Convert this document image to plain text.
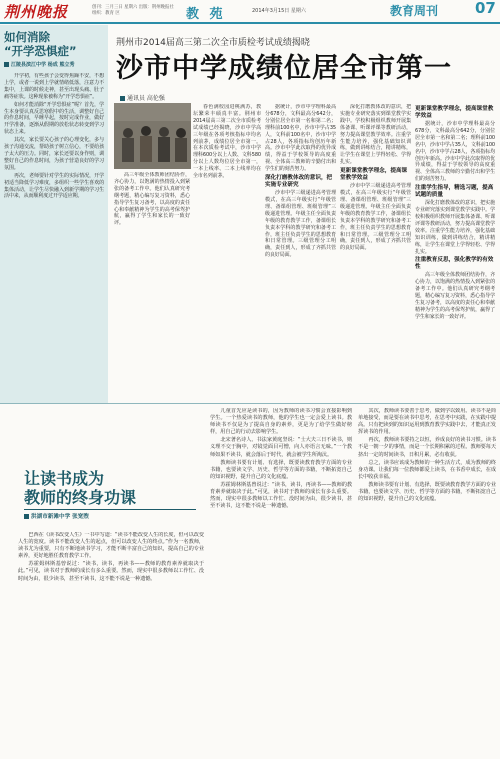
荆州晚报	创刊：三月三日 星期六 出版：荆州晚报社
组织：教育 区	教 苑	2014年3月15日 星期六	教育周刊 07
如何消除
“开学恐惧症”
江陵县滨江中学 杨成 熊立秀

开学初，有些孩子会变得焦躁不安，不想上学，或者一说到上学就情绪低落，注意力不集中，上课的时候走神，甚至出现头痛、肚子痛等症状。这种现象被称为“开学恐惧症”。

如何才能消除“开学恐惧症”呢？首先，学生本身要认真反思寒假中的生活，调整好自己的作息时间，早睡早起，按时完成作业，做好开学准备，逐渐从假期的放松状态转变到学习状态上来。

其次，家长要关心孩子的心理变化，多与孩子沟通交流，帮助孩子树立信心，不要给孩子太大的压力。同时，家长还要以身作则，调整好自己的作息时间，为孩子营造良好的学习氛围。

再次，老师要针对学生的实际情况，开学初适当降低学习难度，多组织一些学生喜欢的集体活动，让学生尽快融入到新学期的学习生活中来，从而顺利度过开学适应期。

荆州市2014届高三第二次全市质检考试成绩揭晓
沙市中学成绩位居全市第一
通讯员 高伦强

高三年级全体教师团结协作，齐心协力，以饱满的热情投入到紧张的备考工作中。他们认真研究考纲考题，精心编写复习资料，悉心指导学生复习备考，以高度的责任心和奉献精神为学生的高考保驾护航，赢得了学生和家长的一致好评。

春色满校园进桃满苏，教坛繁荣丰硕真丰富。荆州市2014届高三第二次全市质检考试成绩已经揭晓，沙市中学高三年级在各项考核指标中均名列前茅，成绩位居全市第一。在本次质检考试中，沙市中学理科600分以上人数、文科580分以上人数均位居全市第一，一本上线率、二本上线率均在全市名列前茅。

据统计，沙市中学理科最高分678分，文科最高分642分，分别位居全市第一名和第二名；理科前100名中，沙市中学占35人，文科前100名中，沙市中学占28人，各项指标均创历年新高。沙市中学此次取得的优异成绩，得益于学校领导的高度重视、全体高三教师的辛勤付出和学生们的刻苦努力。

深化打磨教体改的意识，把实施专业研究

沙市中学三级递进高考管理模式，在高三年级实行“年级管理、备课组管理、班级管理”三级递进管理。年级主任全面负责年级的教育教学工作，备课组长负责本学科的教学研究和备考工作，班主任负责学生的思想教育和日常管理。三级管理分工明确，责任到人，形成了齐抓共管的良好局面。

深化打磨教体改的意识，把实施专业研究落实到课堂教学实践中。学校积极组织教师开展集体备课、听课评课等教研活动，努力提高课堂教学效率。注重学生能力培养，强化基础知识训练，做到讲练结合，精讲精练，让学生在课堂上学得轻松、学得扎实。

更新课堂教学理念，提高课堂教学效益

沙市中学三级递进高考管理模式，在高三年级实行“年级管理、备课组管理、班级管理”三级递进管理。年级主任全面负责年级的教育教学工作，备课组长负责本学科的教学研究和备考工作，班主任负责学生的思想教育和日常管理。三级管理分工明确，责任到人，形成了齐抓共管的良好局面。

更新课堂教学理念，提高课堂教学效益

据统计，沙市中学理科最高分678分，文科最高分642分，分别位居全市第一名和第二名；理科前100名中，沙市中学占35人，文科前100名中，沙市中学占28人，各项指标均创历年新高。沙市中学此次取得的优异成绩，得益于学校领导的高度重视、全体高三教师的辛勤付出和学生们的刻苦努力。

注重学生指导，精选习题，提高试题的质量

深化打磨教体改的意识，把实施专业研究落实到课堂教学实践中。学校积极组织教师开展集体备课、听课评课等教研活动，努力提高课堂教学效率。注重学生能力培养，强化基础知识训练，做到讲练结合，精讲精练，让学生在课堂上学得轻松、学得扎实。

注重教育反思，强化教学的有效性

高三年级全体教师团结协作，齐心协力，以饱满的热情投入到紧张的备考工作中。他们认真研究考纲考题，精心编写复习资料，悉心指导学生复习备考，以高度的责任心和奉献精神为学生的高考保驾护航，赢得了学生和家长的一致好评。

让读书成为
教师的终身功课
洪湖市新滩中学 张宽煦

巴西在《读书改变人生》一书中写道：“读书不能改变人生的长度，但可以改变人生的宽度。读书不能改变人生的起点，但可以改变人生的终点。”作为一名教师，读书尤为重要，只有不断地读书学习，才能不断丰富自己的知识，提高自己的专业素养，更好地胜任教育教学工作。

苏霍姆林斯基曾说过：“读书，读书，再读书——教师的教育素养就取决于此。”可见，读书对于教师的成长有多么重要。然而，现实中很多教师以工作忙、没时间为由，很少读书，甚至不读书，这不能不说是一种遗憾。

儿童首先应是读书的，因为教师的读书习惯会直接影响到学生。一个热爱读书的教师，他的学生也一定会爱上读书。教师读书不仅是为了提高自身的素养，更是为了给学生做好榜样，用自己的行动去影响学生。

北宋著名诗人、书法家黄庭坚说：“士大夫三日不读书，则义理不交于胸中，对镜觉面目可憎，向人亦语言无味。”一个教师如果不读书，就会落后于时代，就会被学生所淘汰。

教师读书要有计划、有选择，既要读教育教学方面的专业书籍，也要读文学、历史、哲学等方面的书籍，不断拓宽自己的知识视野，提升自己的文化底蕴。

苏霍姆林斯基曾说过：“读书，读书，再读书——教师的教育素养就取决于此。”可见，读书对于教师的成长有多么重要。然而，现实中很多教师以工作忙、没时间为由，很少读书，甚至不读书，这不能不说是一种遗憾。

其次，教师读书要善于思考，做到学以致用。读书不是简单地接受，而是要在读书中思考，在思考中实践，在实践中提高。只有把读到的知识运用到教育教学实践中去，才能真正发挥读书的作用。

再次，教师读书要持之以恒，养成良好的读书习惯。读书不是一朝一夕的事情，而是一个长期积累的过程。教师要每天挤出一定的时间读书，日积月累，必有收获。

总之，读书应该成为教师的一种生活方式，成为教师的终身功课。让我们每一位教师都爱上读书，在书香中成长，在成长中收获幸福。

教师读书要有计划、有选择，既要读教育教学方面的专业书籍，也要读文学、历史、哲学等方面的书籍，不断拓宽自己的知识视野，提升自己的文化底蕴。
